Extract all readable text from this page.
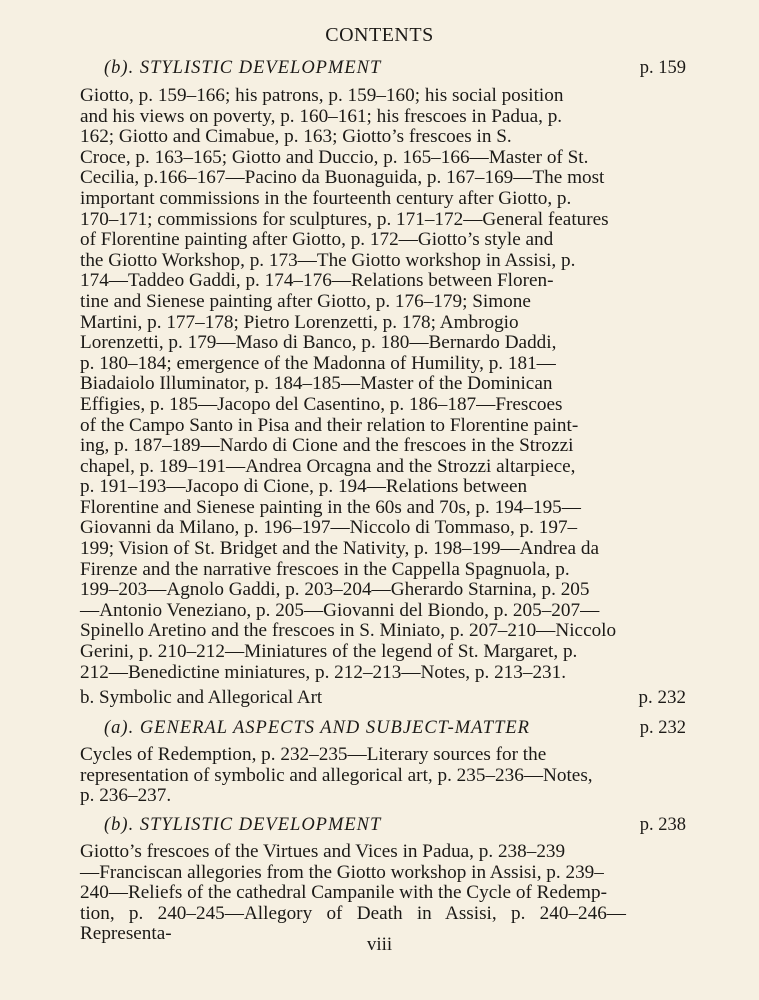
CONTENTS
(b). STYLISTIC DEVELOPMENT	p. 159
Giotto, p. 159–166; his patrons, p. 159–160; his social position
and his views on poverty, p. 160–161; his frescoes in Padua, p.
162; Giotto and Cimabue, p. 163; Giotto’s frescoes in S.
Croce, p. 163–165; Giotto and Duccio, p. 165–166—Master of St.
Cecilia, p.166–167—Pacino da Buonaguida, p. 167–169—The most
important commissions in the fourteenth century after Giotto, p.
170–171; commissions for sculptures, p. 171–172—General features
of Florentine painting after Giotto, p. 172—Giotto’s style and
the Giotto Workshop, p. 173—The Giotto workshop in Assisi, p.
174—Taddeo Gaddi, p. 174–176—Relations between Floren-
tine and Sienese painting after Giotto, p. 176–179; Simone
Martini, p. 177–178; Pietro Lorenzetti, p. 178; Ambrogio
Lorenzetti, p. 179—Maso di Banco, p. 180—Bernardo Daddi,
p. 180–184; emergence of the Madonna of Humility, p. 181—
Biadaiolo Illuminator, p. 184–185—Master of the Dominican
Effigies, p. 185—Jacopo del Casentino, p. 186–187—Frescoes
of the Campo Santo in Pisa and their relation to Florentine paint-
ing, p. 187–189—Nardo di Cione and the frescoes in the Strozzi
chapel, p. 189–191—Andrea Orcagna and the Strozzi altarpiece,
p. 191–193—Jacopo di Cione, p. 194—Relations between
Florentine and Sienese painting in the 60s and 70s, p. 194–195—
Giovanni da Milano, p. 196–197—Niccolo di Tommaso, p. 197–
199; Vision of St. Bridget and the Nativity, p. 198–199—Andrea da
Firenze and the narrative frescoes in the Cappella Spagnuola, p.
199–203—Agnolo Gaddi, p. 203–204—Gherardo Starnina, p. 205
—Antonio Veneziano, p. 205—Giovanni del Biondo, p. 205–207—
Spinello Aretino and the frescoes in S. Miniato, p. 207–210—Niccolo
Gerini, p. 210–212—Miniatures of the legend of St. Margaret, p.
212—Benedictine miniatures, p. 212–213—Notes, p. 213–231.
b. Symbolic and Allegorical Art	p. 232
(a). GENERAL ASPECTS AND SUBJECT-MATTER	p. 232
Cycles of Redemption, p. 232–235—Literary sources for the
representation of symbolic and allegorical art, p. 235–236—Notes,
p. 236–237.
(b). STYLISTIC DEVELOPMENT	p. 238
Giotto’s frescoes of the Virtues and Vices in Padua, p. 238–239
—Franciscan allegories from the Giotto workshop in Assisi, p. 239–
240—Reliefs of the cathedral Campanile with the Cycle of Redemp-
tion, p. 240–245—Allegory of Death in Assisi, p. 240–246—Representa-
viii
